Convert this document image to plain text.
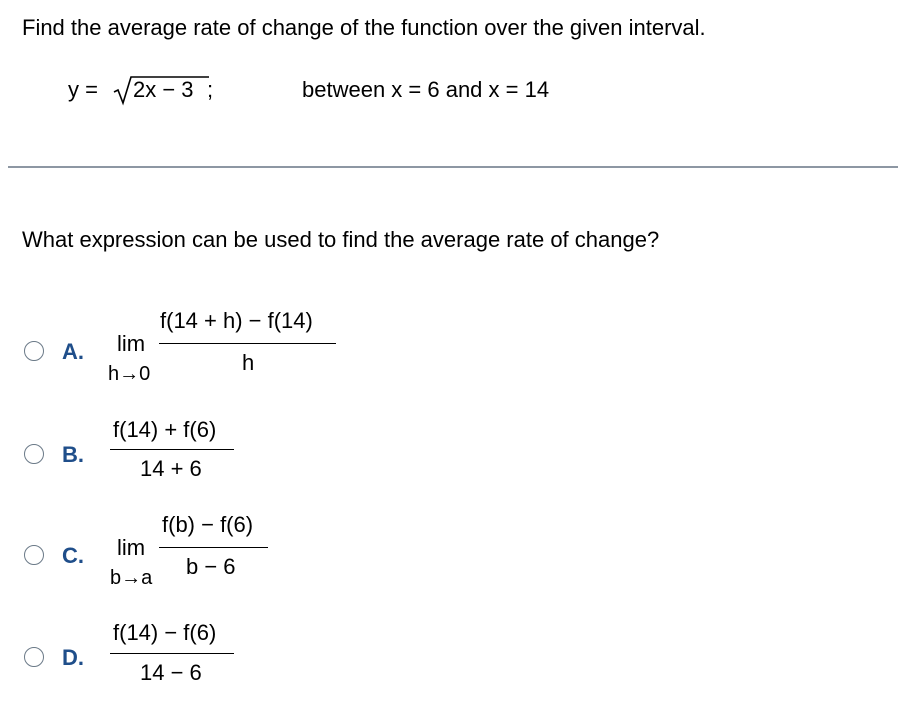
Find the average rate of change of the function over the given interval.
y = 2x − 3 ;	between x = 6 and x = 14
What expression can be used to find the average rate of change?
A. lim
h→0
f(14 + h) − f(14)
h
B.
f(14) + f(6)
14 + 6
C. lim
b→a
f(b) − f(6)
b − 6
D.
f(14) − f(6)
14 − 6
